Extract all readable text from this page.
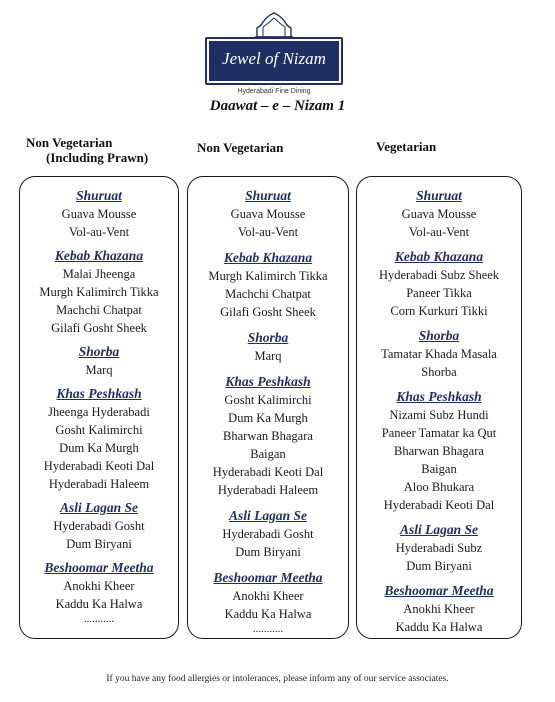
Jewel of Nizam
Hyderabadi Fine Dining
Daawat – e – Nizam 1
Non Vegetarian
(Including Prawn)
Non Vegetarian	Vegetarian
Shuruat
Guava Mousse
Vol-au-Vent
Kebab Khazana
Malai Jheenga
Murgh Kalimirch Tikka
Machchi Chatpat
Gilafi Gosht Sheek
Shorba
Marq
Khas Peshkash
Jheenga Hyderabadi
Gosht Kalimirchi
Dum Ka Murgh
Hyderabadi Keoti Dal
Hyderabadi Haleem
Asli Lagan Se
Hyderabadi Gosht
Dum Biryani
Beshoomar Meetha
Anokhi Kheer
Kaddu Ka Halwa
...........
Shuruat
Guava Mousse
Vol-au-Vent
Kebab Khazana
Murgh Kalimirch Tikka
Machchi Chatpat
Gilafi Gosht Sheek
Shorba
Marq
Khas Peshkash
Gosht Kalimirchi
Dum Ka Murgh
Bharwan Bhagara
Baigan
Hyderabadi Keoti Dal
Hyderabadi Haleem
Asli Lagan Se
Hyderabadi Gosht
Dum Biryani
Beshoomar Meetha
Anokhi Kheer
Kaddu Ka Halwa
...........
Shuruat
Guava Mousse
Vol-au-Vent
Kebab Khazana
Hyderabadi Subz Sheek
Paneer Tikka
Corn Kurkuri Tikki
Shorba
Tamatar Khada Masala
Shorba
Khas Peshkash
Nizami Subz Hundi
Paneer Tamatar ka Qut
Bharwan Bhagara
Baigan
Aloo Bhukara
Hyderabadi Keoti Dal
Asli Lagan Se
Hyderabadi Subz
Dum Biryani
Beshoomar Meetha
Anokhi Kheer
Kaddu Ka Halwa
If you have any food allergies or intolerances, please inform any of our service associates.
